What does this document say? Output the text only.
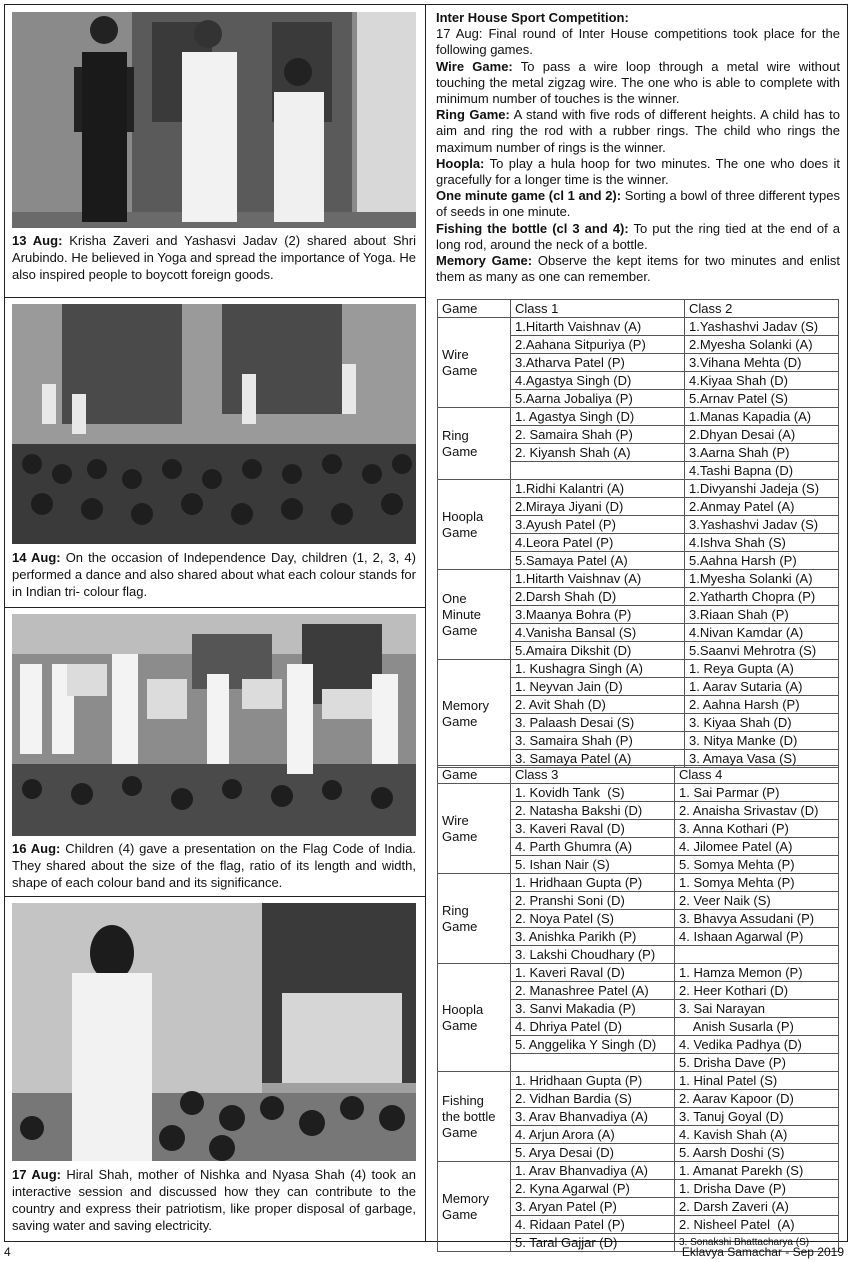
13 Aug: Krisha Zaveri and Yashasvi Jadav (2) shared about Shri Arubindo. He believed in Yoga and spread the importance of Yoga. He also inspired people to boycott foreign goods.
14 Aug: On the occasion of Independence Day, children (1, 2, 3, 4) performed a dance and also shared about what each colour stands for in Indian tri- colour flag.
16 Aug: Children (4) gave a presentation on the Flag Code of India. They shared about the size of the flag, ratio of its length and width, shape of each colour band and its significance.
17 Aug: Hiral Shah, mother of Nishka and Nyasa Shah (4) took an interactive session and discussed how they can contribute to the country and express their patriotism, like proper disposal of garbage, saving water and saving electricity.
Inter House Sport Competition:
17 Aug: Final round of Inter House competitions took place for the following games.
Wire Game: To pass a wire loop through a metal wire without touching the metal zigzag wire. The one who is able to complete with minimum number of touches is the winner.
Ring Game: A stand with five rods of different heights. A child has to aim and ring the rod with a rubber rings. The child who rings the maximum number of rings is the winner.
Hoopla: To play a hula hoop for two minutes. The one who does it gracefully for a longer time is the winner.
One minute game (cl 1 and 2): Sorting a bowl of three different types of seeds in one minute.
Fishing the bottle (cl 3 and 4): To put the ring tied at the end of a long rod, around the neck of a bottle.
Memory Game: Observe the kept items for two minutes and enlist them as many as one can remember.
Game	Class 1	Class 2
Wire
Game	1.Hitarth Vaishnav (A)	1.Yashashvi Jadav (S)
	2.Aahana Sitpuriya (P)	2.Myesha Solanki (A)
	3.Atharva Patel (P)	3.Vihana Mehta (D)
	4.Agastya Singh (D)	4.Kiyaa Shah (D)
	5.Aarna Jobaliya (P)	5.Arnav Patel (S)
Ring
Game	1. Agastya Singh (D)	1.Manas Kapadia (A)
	2. Samaira Shah (P)	2.Dhyan Desai (A)
	2. Kiyansh Shah (A)	3.Aarna Shah (P)
		4.Tashi Bapna (D)
Hoopla
Game	1.Ridhi Kalantri (A)	1.Divyanshi Jadeja (S)
	2.Miraya Jiyani (D)	2.Anmay Patel (A)
	3.Ayush Patel (P)	3.Yashashvi Jadav (S)
	4.Leora Patel (P)	4.Ishva Shah (S)
	5.Samaya Patel (A)	5.Aahna Harsh (P)
One
Minute
Game	1.Hitarth Vaishnav (A)	1.Myesha Solanki (A)
	2.Darsh Shah (D)	2.Yatharth Chopra (P)
	3.Maanya Bohra (P)	3.Riaan Shah (P)
	4.Vanisha Bansal (S)	4.Nivan Kamdar (A)
	5.Amaira Dikshit (D)	5.Saanvi Mehrotra (S)
Memory
Game	1. Kushagra Singh (A)	1. Reya Gupta (A)
	1. Neyvan Jain (D)	1. Aarav Sutaria (A)
	2. Avit Shah (D)	2. Aahna Harsh (P)
	3. Palaash Desai (S)	3. Kiyaa Shah (D)
	3. Samaira Shah (P)	3. Nitya Manke (D)
	3. Samaya Patel (A)	3. Amaya Vasa (S)
Game	Class 3	Class 4
Wire
Game	1. Kovidh Tank  (S)	1. Sai Parmar (P)
	2. Natasha Bakshi (D)	2. Anaisha Srivastav (D)
	3. Kaveri Raval (D)	3. Anna Kothari (P)
	4. Parth Ghumra (A)	4. Jilomee Patel (A)
	5. Ishan Nair (S)	5. Somya Mehta (P)
Ring
Game	1. Hridhaan Gupta (P)	1. Somya Mehta (P)
	2. Pranshi Soni (D)	2. Veer Naik (S)
	2. Noya Patel (S)	3. Bhavya Assudani (P)
	3. Anishka Parikh (P)	4. Ishaan Agarwal (P)
	3. Lakshi Choudhary (P)	
Hoopla
Game	1. Kaveri Raval (D)	1. Hamza Memon (P)
	2. Manashree Patel (A)	2. Heer Kothari (D)
	3. Sanvi Makadia (P)	3. Sai Narayan
	4. Dhriya Patel (D)	Anish Susarla (P)
	5. Anggelika Y Singh (D)	4. Vedika Padhya (D)
		5. Drisha Dave (P)
Fishing
the bottle
Game	1. Hridhaan Gupta (P)	1. Hinal Patel (S)
	2. Vidhan Bardia (S)	2. Aarav Kapoor (D)
	3. Arav Bhanvadiya (A)	3. Tanuj Goyal (D)
	4. Arjun Arora (A)	4. Kavish Shah (A)
	5. Arya Desai (D)	5. Aarsh Doshi (S)
Memory
Game	1. Arav Bhanvadiya (A)	1. Amanat Parekh (S)
	2. Kyna Agarwal (P)	1. Drisha Dave (P)
	3. Aryan Patel (P)	2. Darsh Zaveri (A)
	4. Ridaan Patel (P)	2. Nisheel Patel  (A)
	5. Taral Gajjar (D)	3. Sonakshi Bhattacharya (S)
4	Eklavya Samachar - Sep 2019
